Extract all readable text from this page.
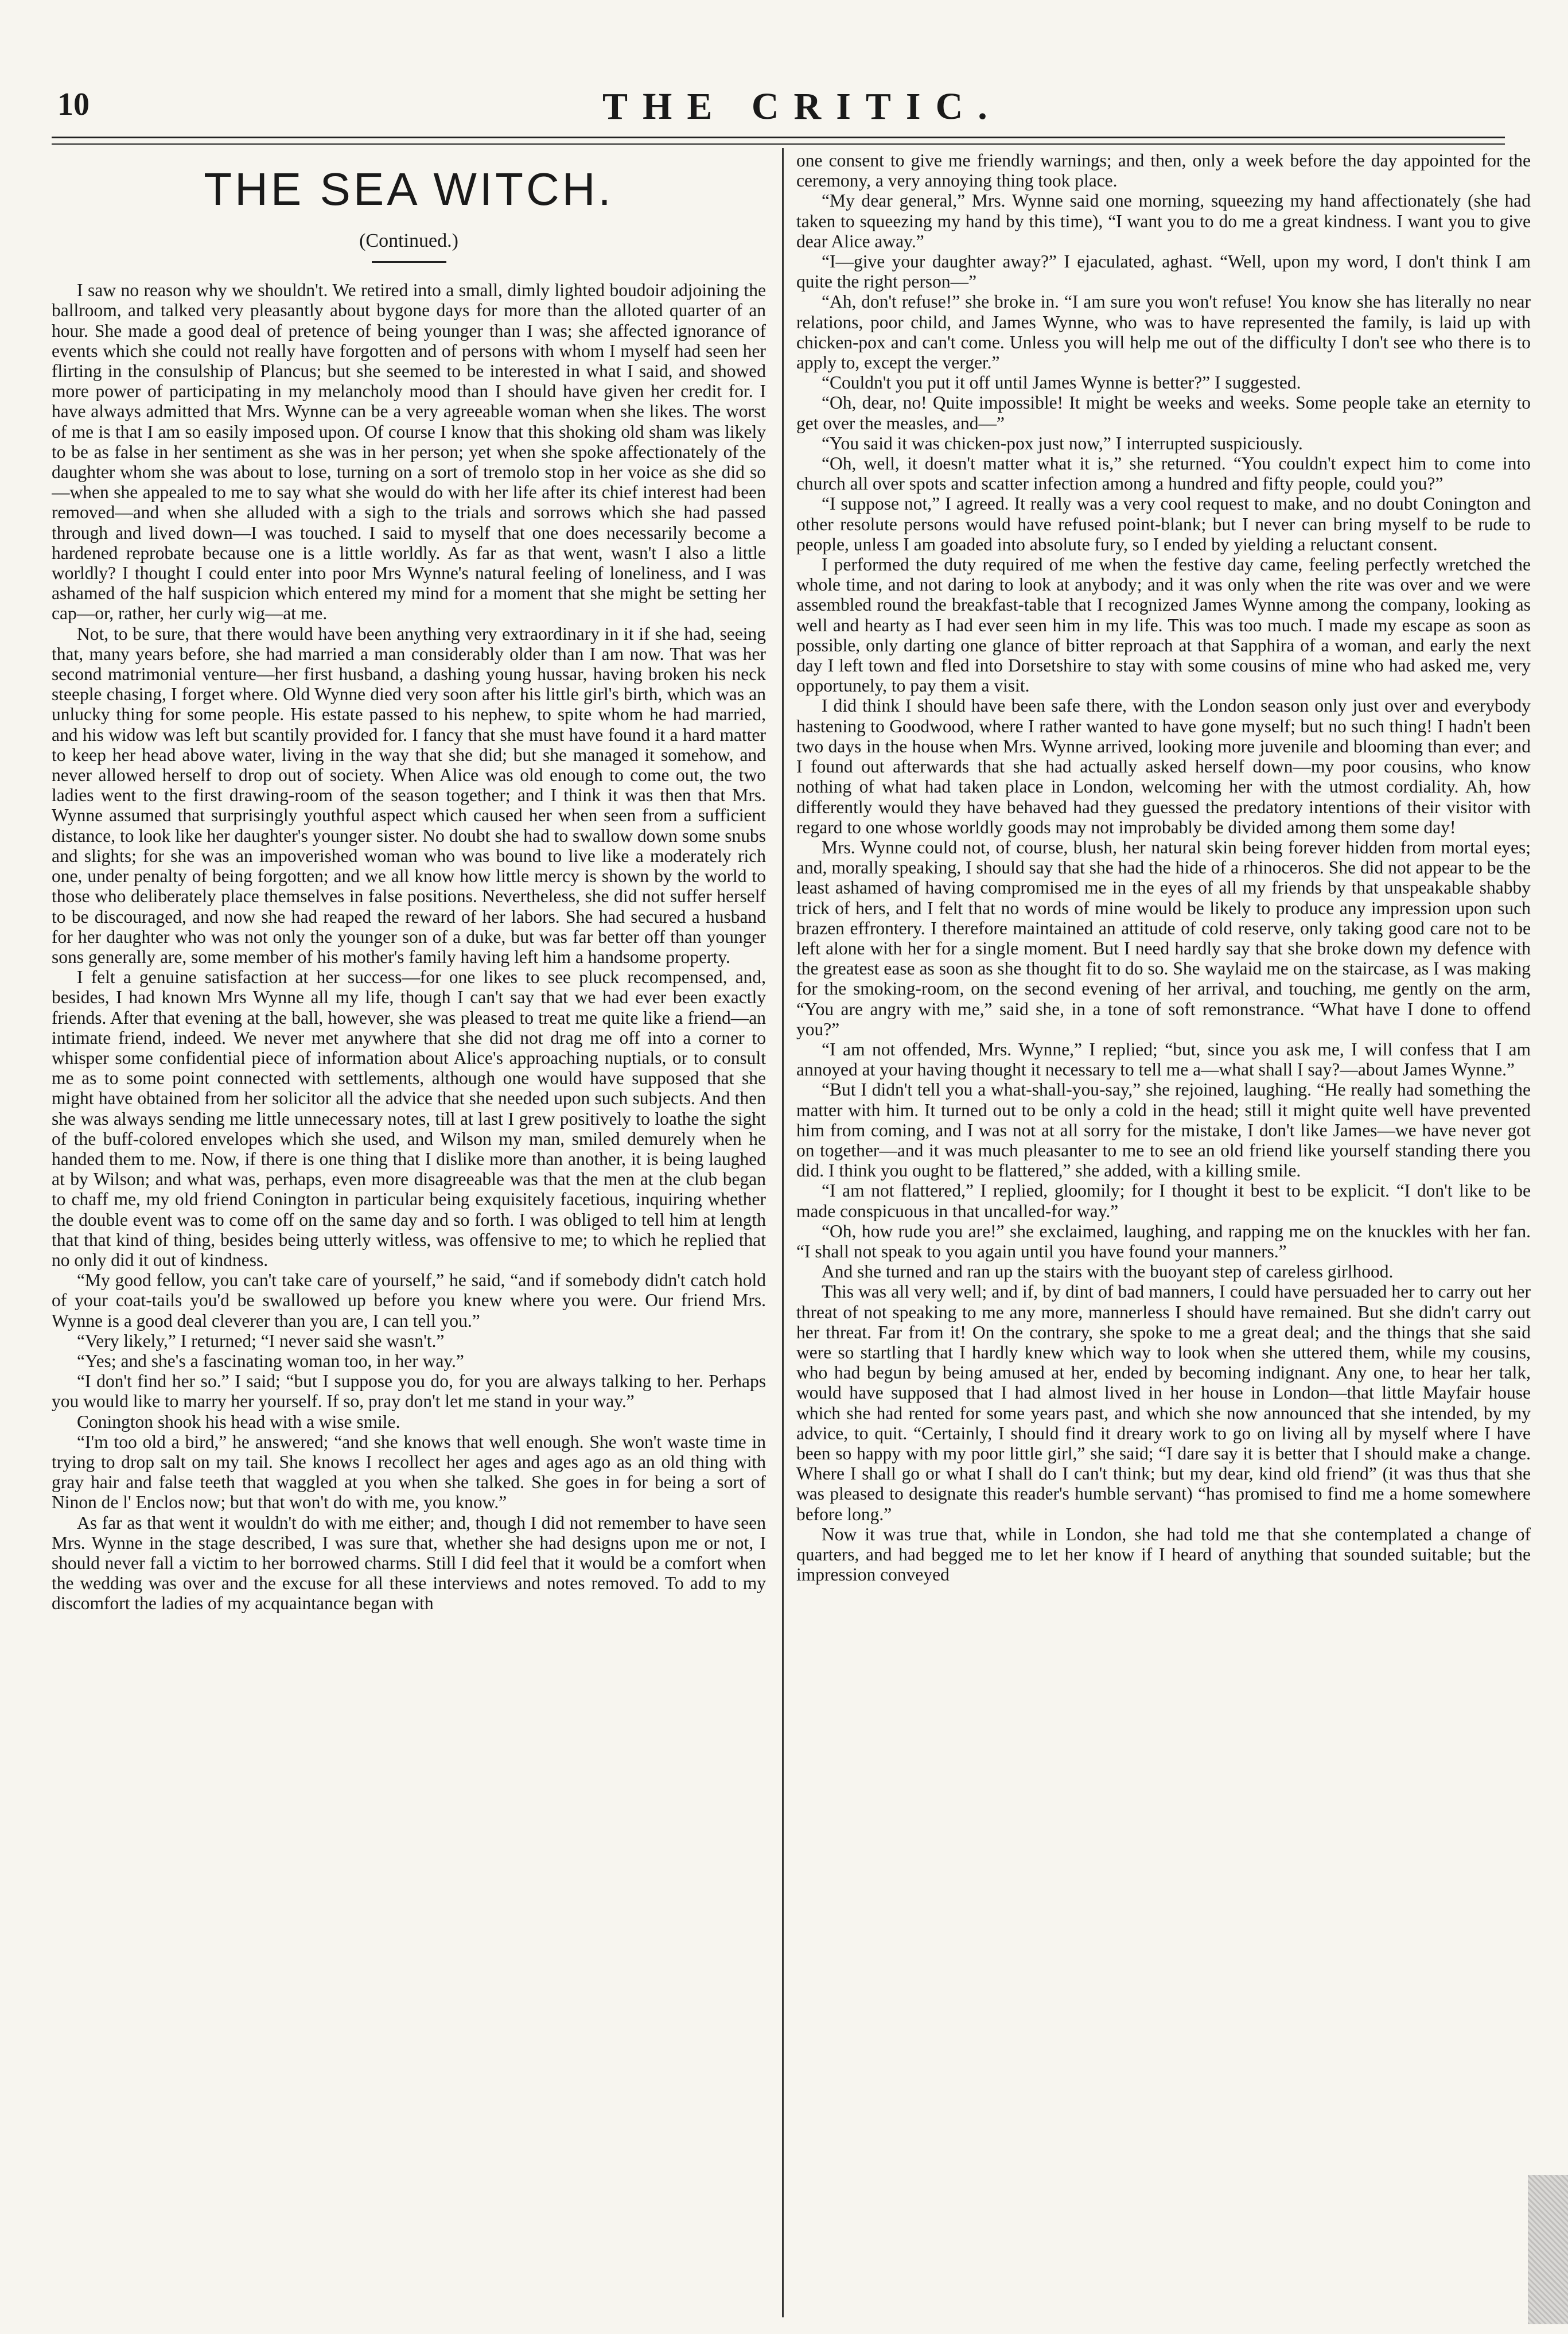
10	THE CRITIC.
THE SEA WITCH.
(Continued.)

I saw no reason why we shouldn't. We retired into a small, dimly lighted boudoir adjoining the ballroom, and talked very pleasantly about bygone days for more than the alloted quarter of an hour. She made a good deal of pretence of being younger than I was; she affected ignorance of events which she could not really have forgotten and of persons with whom I myself had seen her flirting in the consulship of Plancus; but she seemed to be interested in what I said, and showed more power of participating in my melancholy mood than I should have given her credit for. I have always admitted that Mrs. Wynne can be a very agreeable woman when she likes. The worst of me is that I am so easily imposed upon. Of course I know that this shoking old sham was likely to be as false in her sentiment as she was in her person; yet when she spoke affectionately of the daughter whom she was about to lose, turning on a sort of tremolo stop in her voice as she did so—when she appealed to me to say what she would do with her life after its chief interest had been removed—and when she alluded with a sigh to the trials and sorrows which she had passed through and lived down—I was touched. I said to myself that one does necessarily become a hardened reprobate because one is a little worldly. As far as that went, wasn't I also a little worldly? I thought I could enter into poor Mrs Wynne's natural feeling of loneliness, and I was ashamed of the half suspicion which entered my mind for a moment that she might be setting her cap—or, rather, her curly wig—at me.

Not, to be sure, that there would have been anything very extraordinary in it if she had, seeing that, many years before, she had married a man considerably older than I am now. That was her second matrimonial venture—her first husband, a dashing young hussar, having broken his neck steeple chasing, I forget where. Old Wynne died very soon after his little girl's birth, which was an unlucky thing for some people. His estate passed to his nephew, to spite whom he had married, and his widow was left but scantily provided for. I fancy that she must have found it a hard matter to keep her head above water, living in the way that she did; but she managed it somehow, and never allowed herself to drop out of society. When Alice was old enough to come out, the two ladies went to the first drawing-room of the season together; and I think it was then that Mrs. Wynne assumed that surprisingly youthful aspect which caused her when seen from a sufficient distance, to look like her daughter's younger sister. No doubt she had to swallow down some snubs and slights; for she was an impoverished woman who was bound to live like a moderately rich one, under penalty of being forgotten; and we all know how little mercy is shown by the world to those who deliberately place themselves in false positions. Nevertheless, she did not suffer herself to be discouraged, and now she had reaped the reward of her labors. She had secured a husband for her daughter who was not only the younger son of a duke, but was far better off than younger sons generally are, some member of his mother's family having left him a handsome property.

I felt a genuine satisfaction at her success—for one likes to see pluck recompensed, and, besides, I had known Mrs Wynne all my life, though I can't say that we had ever been exactly friends. After that evening at the ball, however, she was pleased to treat me quite like a friend—an intimate friend, indeed. We never met anywhere that she did not drag me off into a corner to whisper some confidential piece of information about Alice's approaching nuptials, or to consult me as to some point connected with settlements, although one would have supposed that she might have obtained from her solicitor all the advice that she needed upon such subjects. And then she was always sending me little unnecessary notes, till at last I grew positively to loathe the sight of the buff-colored envelopes which she used, and Wilson my man, smiled demurely when he handed them to me. Now, if there is one thing that I dislike more than another, it is being laughed at by Wilson; and what was, perhaps, even more disagreeable was that the men at the club began to chaff me, my old friend Conington in particular being exquisitely facetious, inquiring whether the double event was to come off on the same day and so forth. I was obliged to tell him at length that that kind of thing, besides being utterly witless, was offensive to me; to which he replied that no only did it out of kindness.

“My good fellow, you can't take care of yourself,” he said, “and if somebody didn't catch hold of your coat-tails you'd be swallowed up before you knew where you were. Our friend Mrs. Wynne is a good deal cleverer than you are, I can tell you.”

“Very likely,” I returned; “I never said she wasn't.”

“Yes; and she's a fascinating woman too, in her way.”

“I don't find her so.” I said; “but I suppose you do, for you are always talking to her. Perhaps you would like to marry her yourself. If so, pray don't let me stand in your way.”

Conington shook his head with a wise smile.

“I'm too old a bird,” he answered; “and she knows that well enough. She won't waste time in trying to drop salt on my tail. She knows I recollect her ages and ages ago as an old thing with gray hair and false teeth that waggled at you when she talked. She goes in for being a sort of Ninon de l' Enclos now; but that won't do with me, you know.”

As far as that went it wouldn't do with me either; and, though I did not remember to have seen Mrs. Wynne in the stage described, I was sure that, whether she had designs upon me or not, I should never fall a victim to her borrowed charms. Still I did feel that it would be a comfort when the wedding was over and the excuse for all these interviews and notes removed. To add to my discomfort the ladies of my acquaintance began with

one consent to give me friendly warnings; and then, only a week before the day appointed for the ceremony, a very annoying thing took place.

“My dear general,” Mrs. Wynne said one morning, squeezing my hand affectionately (she had taken to squeezing my hand by this time), “I want you to do me a great kindness. I want you to give dear Alice away.”

“I—give your daughter away?” I ejaculated, aghast. “Well, upon my word, I don't think I am quite the right person—”

“Ah, don't refuse!” she broke in. “I am sure you won't refuse! You know she has literally no near relations, poor child, and James Wynne, who was to have represented the family, is laid up with chicken-pox and can't come. Unless you will help me out of the difficulty I don't see who there is to apply to, except the verger.”

“Couldn't you put it off until James Wynne is better?” I suggested.

“Oh, dear, no! Quite impossible! It might be weeks and weeks. Some people take an eternity to get over the measles, and—”

“You said it was chicken-pox just now,” I interrupted suspiciously.

“Oh, well, it doesn't matter what it is,” she returned. “You couldn't expect him to come into church all over spots and scatter infection among a hundred and fifty people, could you?”

“I suppose not,” I agreed. It really was a very cool request to make, and no doubt Conington and other resolute persons would have refused point-blank; but I never can bring myself to be rude to people, unless I am goaded into absolute fury, so I ended by yielding a reluctant consent.

I performed the duty required of me when the festive day came, feeling perfectly wretched the whole time, and not daring to look at anybody; and it was only when the rite was over and we were assembled round the breakfast-table that I recognized James Wynne among the company, looking as well and hearty as I had ever seen him in my life. This was too much. I made my escape as soon as possible, only darting one glance of bitter reproach at that Sapphira of a woman, and early the next day I left town and fled into Dorsetshire to stay with some cousins of mine who had asked me, very opportunely, to pay them a visit.

I did think I should have been safe there, with the London season only just over and everybody hastening to Goodwood, where I rather wanted to have gone myself; but no such thing! I hadn't been two days in the house when Mrs. Wynne arrived, looking more juvenile and blooming than ever; and I found out afterwards that she had actually asked herself down—my poor cousins, who know nothing of what had taken place in London, welcoming her with the utmost cordiality. Ah, how differently would they have behaved had they guessed the predatory intentions of their visitor with regard to one whose worldly goods may not improbably be divided among them some day!

Mrs. Wynne could not, of course, blush, her natural skin being forever hidden from mortal eyes; and, morally speaking, I should say that she had the hide of a rhinoceros. She did not appear to be the least ashamed of having compromised me in the eyes of all my friends by that unspeakable shabby trick of hers, and I felt that no words of mine would be likely to produce any impression upon such brazen effrontery. I therefore maintained an attitude of cold reserve, only taking good care not to be left alone with her for a single moment. But I need hardly say that she broke down my defence with the greatest ease as soon as she thought fit to do so. She waylaid me on the staircase, as I was making for the smoking-room, on the second evening of her arrival, and touching, me gently on the arm, “You are angry with me,” said she, in a tone of soft remonstrance. “What have I done to offend you?”

“I am not offended, Mrs. Wynne,” I replied; “but, since you ask me, I will confess that I am annoyed at your having thought it necessary to tell me a—what shall I say?—about James Wynne.”

“But I didn't tell you a what-shall-you-say,” she rejoined, laughing. “He really had something the matter with him. It turned out to be only a cold in the head; still it might quite well have prevented him from coming, and I was not at all sorry for the mistake, I don't like James—we have never got on together—and it was much pleasanter to me to see an old friend like yourself standing there you did. I think you ought to be flattered,” she added, with a killing smile.

“I am not flattered,” I replied, gloomily; for I thought it best to be explicit. “I don't like to be made conspicuous in that uncalled-for way.”

“Oh, how rude you are!” she exclaimed, laughing, and rapping me on the knuckles with her fan. “I shall not speak to you again until you have found your manners.”

And she turned and ran up the stairs with the buoyant step of careless girlhood.

This was all very well; and if, by dint of bad manners, I could have persuaded her to carry out her threat of not speaking to me any more, mannerless I should have remained. But she didn't carry out her threat. Far from it! On the contrary, she spoke to me a great deal; and the things that she said were so startling that I hardly knew which way to look when she uttered them, while my cousins, who had begun by being amused at her, ended by becoming indignant. Any one, to hear her talk, would have supposed that I had almost lived in her house in London—that little Mayfair house which she had rented for some years past, and which she now announced that she intended, by my advice, to quit. “Certainly, I should find it dreary work to go on living all by myself where I have been so happy with my poor little girl,” she said; “I dare say it is better that I should make a change. Where I shall go or what I shall do I can't think; but my dear, kind old friend” (it was thus that she was pleased to designate this reader's humble servant) “has promised to find me a home somewhere before long.”

Now it was true that, while in London, she had told me that she contemplated a change of quarters, and had begged me to let her know if I heard of anything that sounded suitable; but the impression conveyed
